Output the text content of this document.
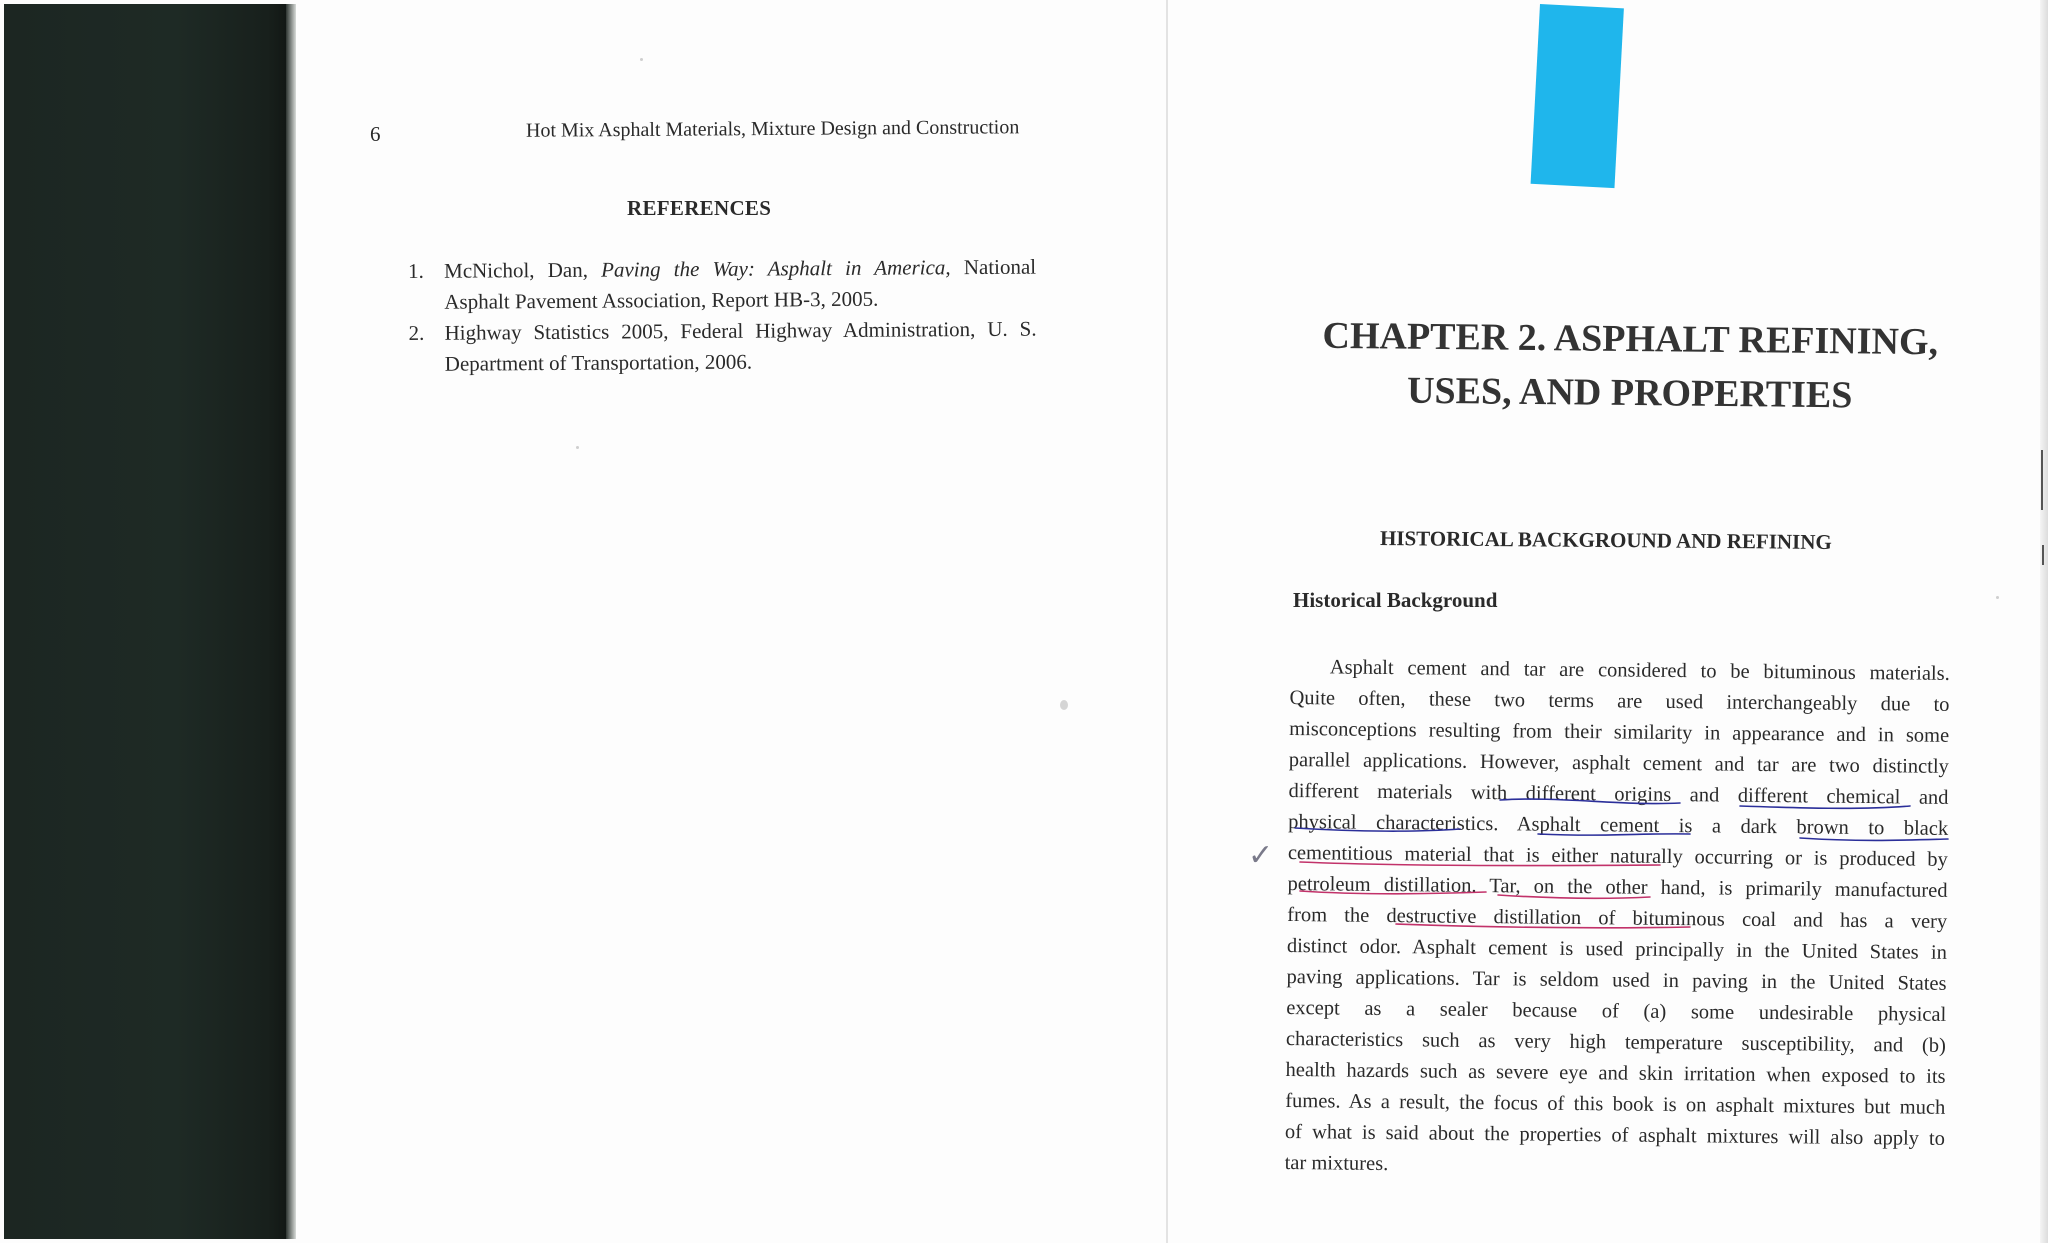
6	Hot Mix Asphalt Materials, Mixture Design and Construction
REFERENCES
1. McNichol, Dan, Paving the Way: Asphalt in America, National
Asphalt Pavement Association, Report HB-3, 2005.
2. Highway Statistics 2005, Federal Highway Administration, U. S.
Department of Transportation, 2006.	CHAPTER 2. ASPHALT REFINING,
USES, AND PROPERTIES
HISTORICAL BACKGROUND AND REFINING
Historical Background
Asphalt cement and tar are considered to be bituminous materials.
Quite often, these two terms are used interchangeably due to
misconceptions resulting from their similarity in appearance and in some
parallel applications. However, asphalt cement and tar are two distinctly
different materials with different origins and different chemical and
physical characteristics. Asphalt cement is a dark brown to black
cementitious material that is either naturally occurring or is produced by
petroleum distillation. Tar, on the other hand, is primarily manufactured
from the destructive distillation of bituminous coal and has a very
distinct odor. Asphalt cement is used principally in the United States in
paving applications. Tar is seldom used in paving in the United States
except as a sealer because of (a) some undesirable physical
characteristics such as very high temperature susceptibility, and (b)
health hazards such as severe eye and skin irritation when exposed to its
fumes. As a result, the focus of this book is on asphalt mixtures but much
of what is said about the properties of asphalt mixtures will also apply to
tar mixtures.
✓
